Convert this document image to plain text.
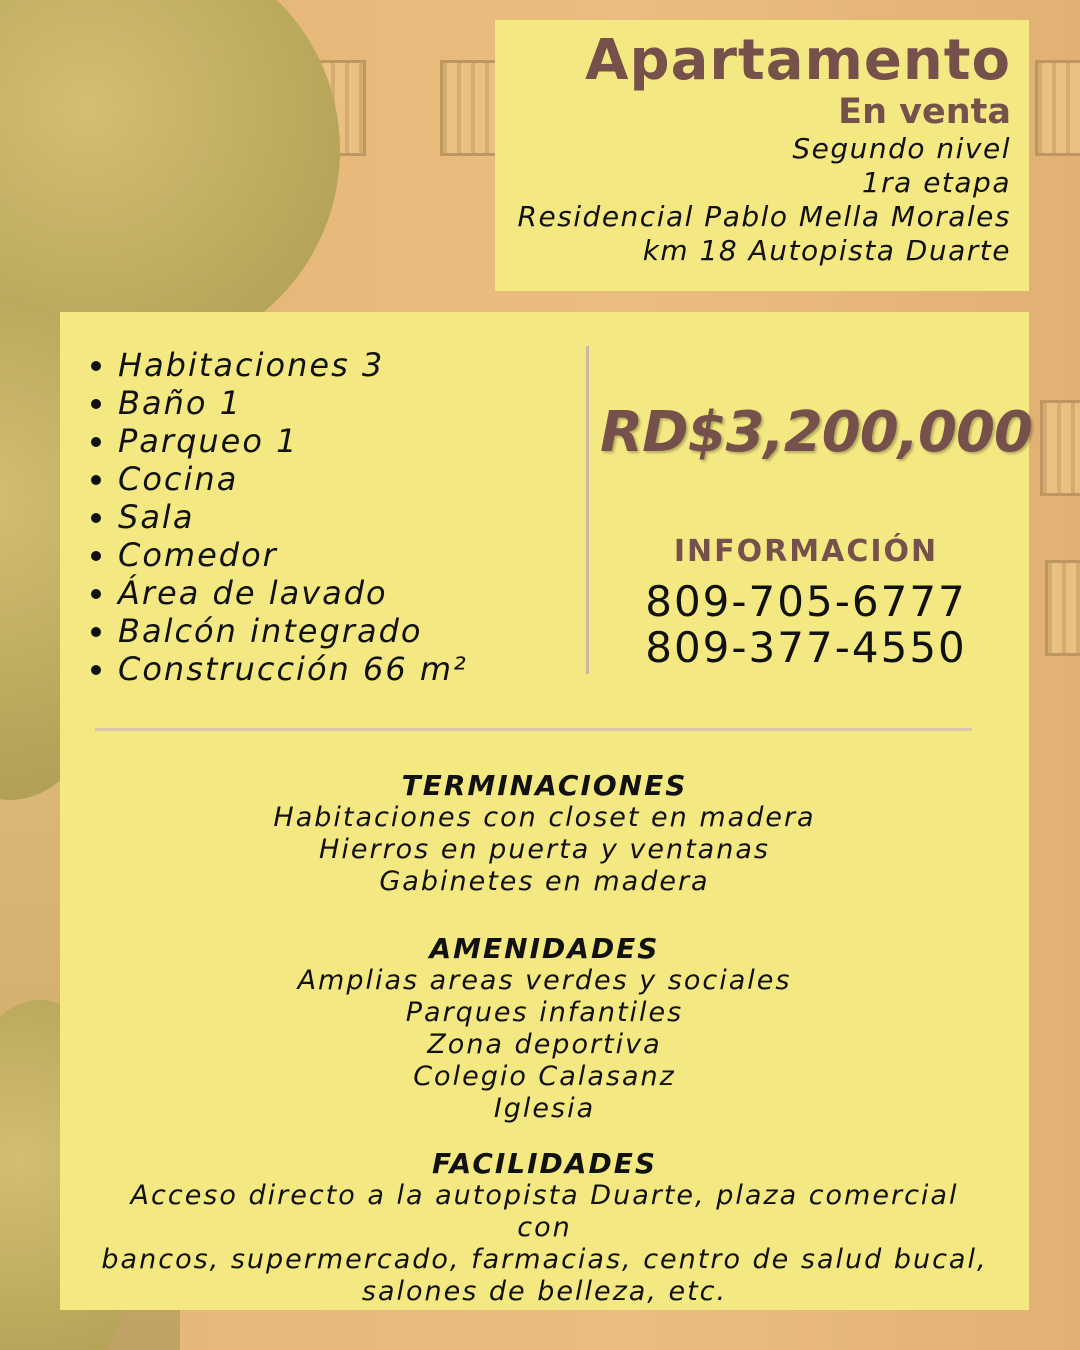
Apartamento
En venta
Segundo nivel
1ra etapa
Residencial Pablo Mella Morales
km 18 Autopista Duarte
Habitaciones 3
Baño 1
Parqueo 1
Cocina
Sala
Comedor
Área de lavado
Balcón integrado
Construcción 66 m²
RD$3,200,000
INFORMACIÓN
809-705-6777
809-377-4550
TERMINACIONES
Habitaciones con closet en madera
Hierros en puerta y ventanas
Gabinetes en madera
AMENIDADES
Amplias areas verdes y sociales
Parques infantiles
Zona deportiva
Colegio Calasanz
Iglesia
FACILIDADES
Acceso directo a la autopista Duarte, plaza comercial con
bancos, supermercado, farmacias, centro de salud bucal,
salones de belleza, etc.
